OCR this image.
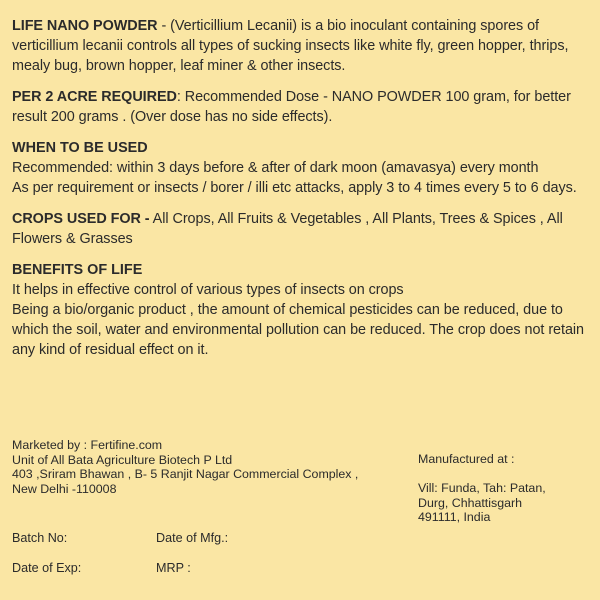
LIFE NANO POWDER - (Verticillium Lecanii) is a bio inoculant containing spores of verticillium lecanii controls all types of sucking insects like white fly, green hopper, thrips, mealy bug, brown hopper, leaf miner & other insects.

PER 2 ACRE REQUIRED: Recommended Dose - NANO POWDER 100 gram, for better result 200 grams . (Over dose has no side effects).

WHEN TO BE USED

Recommended: within 3 days before & after of dark moon (amavasya) every month

As per requirement or insects / borer / illi etc attacks, apply 3 to 4 times every 5 to 6 days.

CROPS USED FOR - All Crops, All Fruits & Vegetables , All Plants, Trees & Spices , All Flowers & Grasses

BENEFITS OF LIFE

It helps in effective control of various types of insects on crops

Being a bio/organic product , the amount of chemical pesticides can be reduced, due to which the soil, water and environmental pollution can be reduced. The crop does not retain any kind of residual effect on it.

Marketed by : Fertifine.com
Unit of All Bata Agriculture Biotech P Ltd
403 ,Sriram Bhawan , B- 5 Ranjit Nagar Commercial Complex ,
New Delhi -110008
Manufactured at :
Vill: Funda, Tah: Patan,
Durg, Chhattisgarh
491111, India
Batch No:	Date of Mfg.:
Date of Exp:	MRP :
